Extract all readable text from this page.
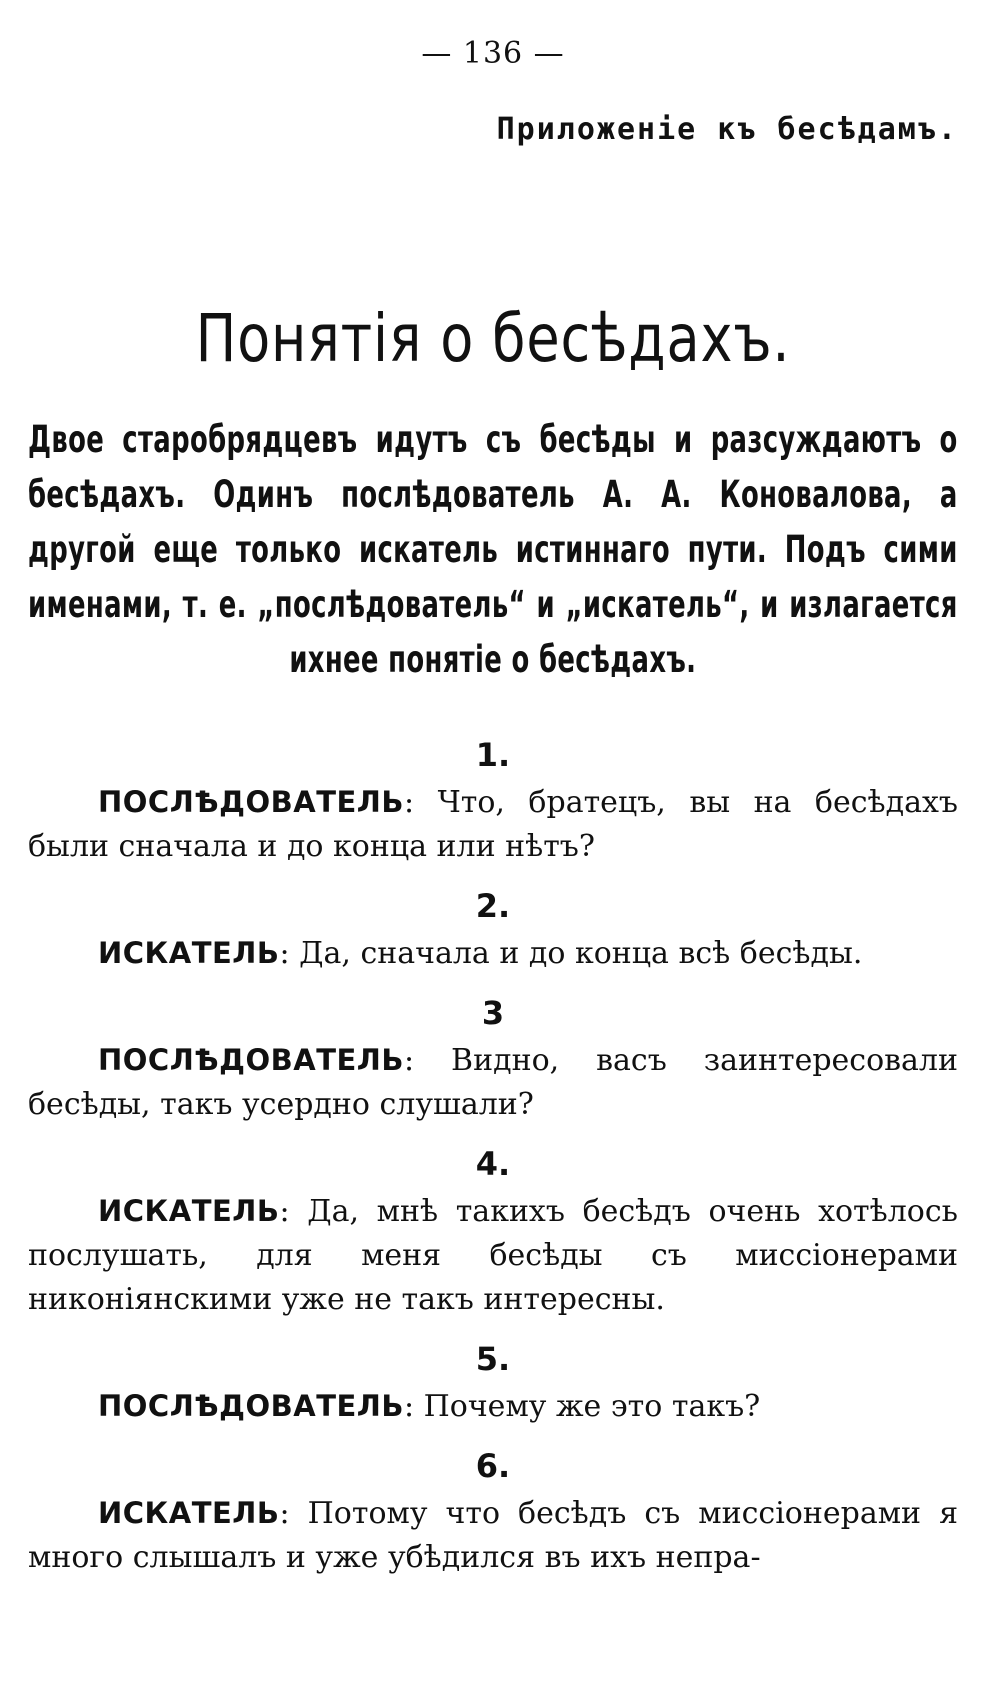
— 136 —
Приложеніе къ бесѣдамъ.
Понятія о бесѣдахъ.
Двое старобрядцевъ идутъ съ бесѣды и разсуждаютъ о бесѣдахъ. Одинъ послѣдователь А. А. Коновалова, а другой еще только искатель истиннаго пути. Подъ сими именами, т. е. „послѣдователь“ и „искатель“, и излагается ихнее понятіе о бесѣдахъ.
1.

ПОСЛѢДОВАТЕЛЬ: Что, братецъ, вы на бесѣдахъ были сначала и до конца или нѣтъ?

2.

ИСКАТЕЛЬ: Да, сначала и до конца всѣ бесѣды.

3

ПОСЛѢДОВАТЕЛЬ: Видно, васъ заинтересовали бесѣды, такъ усердно слушали?

4.

ИСКАТЕЛЬ: Да, мнѣ такихъ бесѣдъ очень хотѣлось послушать, для меня бесѣды съ миссіонерами никоніянскими уже не такъ интересны.

5.

ПОСЛѢДОВАТЕЛЬ: Почему же это такъ?

6.

ИСКАТЕЛЬ: Потому что бесѣдъ съ миссіонерами я много слышалъ и уже убѣдился въ ихъ непра-
